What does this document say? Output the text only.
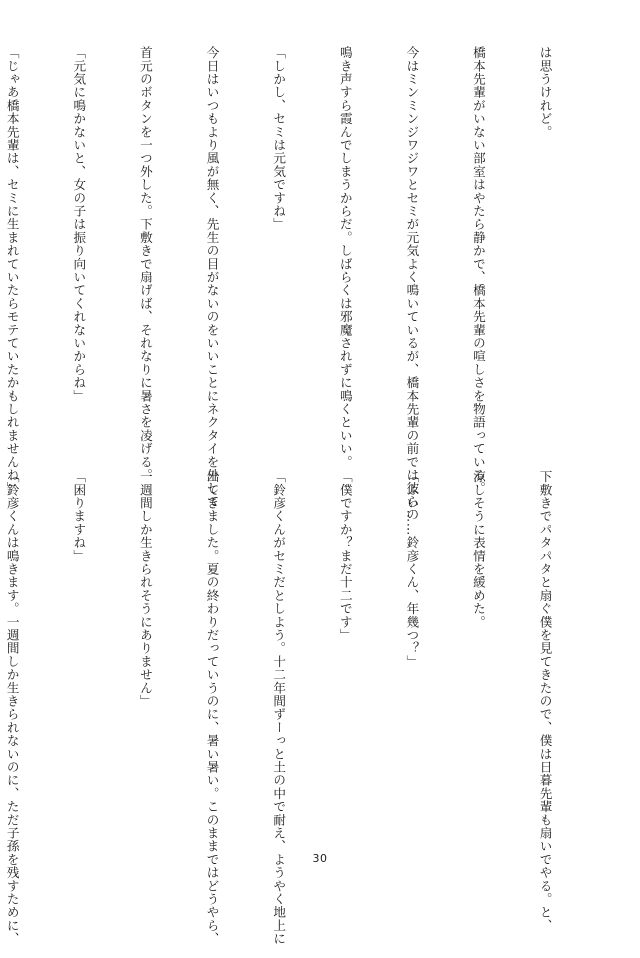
は思うけれど。

橋本先輩がいない部室はやたら静かで、橋本先輩の喧しさを物語っている。

今はミンミンジワジワとセミが元気よく鳴いているが、橋本先輩の前では彼らの

鳴き声すら霞んでしまうからだ。しばらくは邪魔されずに鳴くといい。

「しかし、セミは元気ですね」

今日はいつもより風が無く、先生の目がないのをいいことにネクタイを外して

首元のボタンを一つ外した。下敷きで扇げば、それなりに暑さを凌げる。

「元気に鳴かないと、女の子は振り向いてくれないからね」

「じゃあ橋本先輩は、セミに生まれていたらモテていたかもしれませんね」

下敷きでパタパタと扇ぐ僕を見てきたので、僕は日暮先輩も扇いでやる。と、

涼しそうに表情を緩めた。

「ふい……鈴彦くん、年幾つ？」

「僕ですか？まだ十二です」

「鈴彦くんがセミだとしよう。十二年間ずーっと土の中で耐え、ようやく地上に

出てきました。夏の終わりだっていうのに、暑い暑い。このままではどうやら、

一週間しか生きられそうにありません」

「困りますね」

「鈴彦くんは鳴きます。一週間しか生きられないのに、ただ子孫を残すために、

	30
